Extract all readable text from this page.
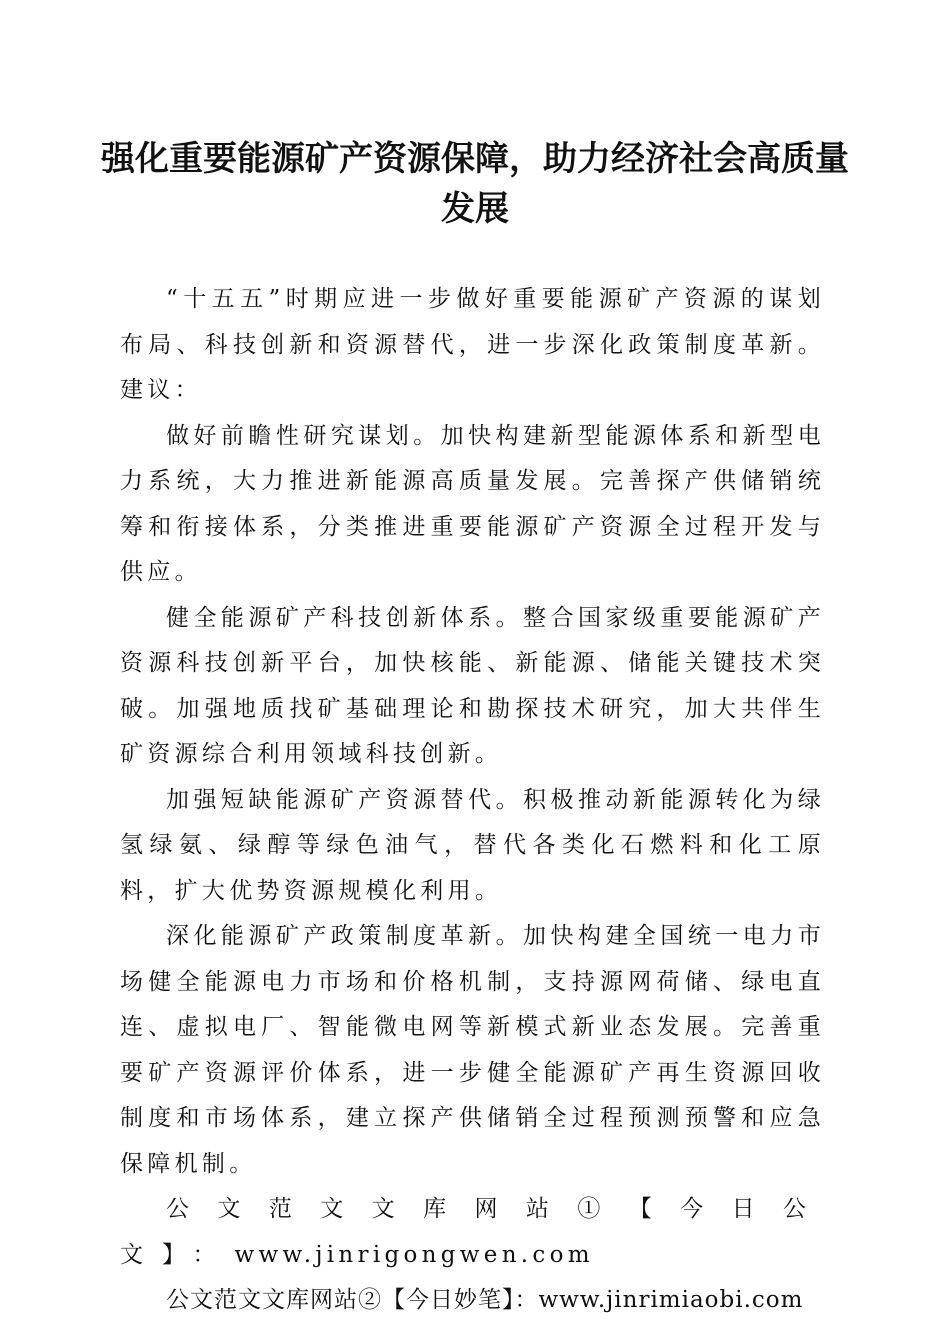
强化重要能源矿产资源保障，助力经济社会高质量发展

“十五五”时期应进一步做好重要能源矿产资源的谋划布局、科技创新和资源替代，进一步深化政策制度革新。建议：

做好前瞻性研究谋划。加快构建新型能源体系和新型电力系统，大力推进新能源高质量发展。完善探产供储销统筹和衔接体系，分类推进重要能源矿产资源全过程开发与供应。

健全能源矿产科技创新体系。整合国家级重要能源矿产资源科技创新平台，加快核能、新能源、储能关键技术突破。加强地质找矿基础理论和勘探技术研究，加大共伴生矿资源综合利用领域科技创新。

加强短缺能源矿产资源替代。积极推动新能源转化为绿氢绿氨、绿醇等绿色油气，替代各类化石燃料和化工原料，扩大优势资源规模化利用。

深化能源矿产政策制度革新。加快构建全国统一电力市场健全能源电力市场和价格机制，支持源网荷储、绿电直连、虚拟电厂、智能微电网等新模式新业态发展。完善重要矿产资源评价体系，进一步健全能源矿产再生资源回收制度和市场体系，建立探产供储销全过程预测预警和应急保障机制。

公文范文文库网站①【今日公文】：www.jinrigongwen.com

公文范文文库网站②【今日妙笔】：www.jinrimiaobi.com
